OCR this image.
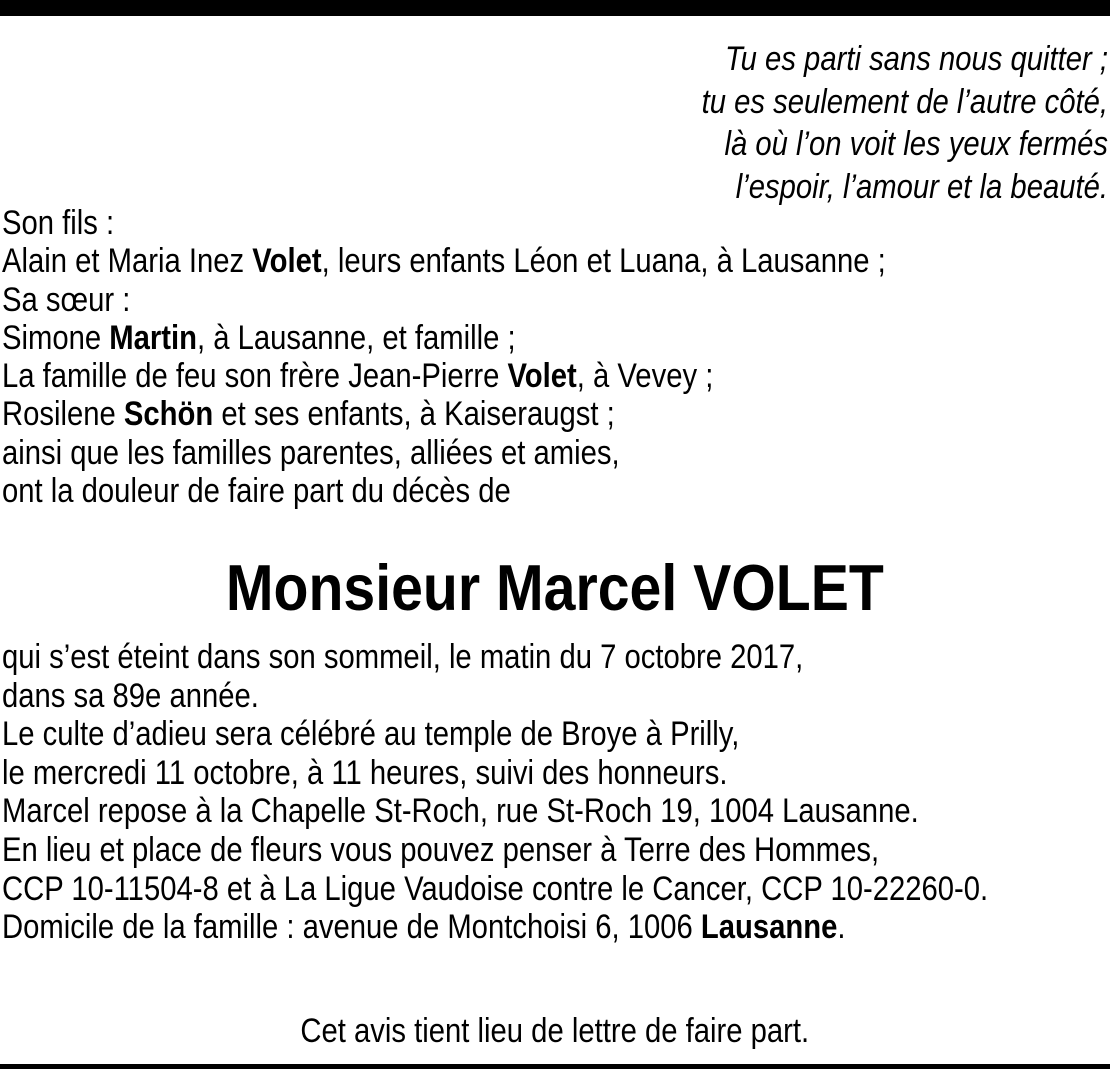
Tu es parti sans nous quitter ;
tu es seulement de l’autre côté,
là où l’on voit les yeux fermés
l’espoir, l’amour et la beauté.
Son fils :
Alain et Maria Inez Volet, leurs enfants Léon et Luana, à Lausanne ;
Sa sœur :
Simone Martin, à Lausanne, et famille ;
La famille de feu son frère Jean-Pierre Volet, à Vevey ;
Rosilene Schön et ses enfants, à Kaiseraugst ;
ainsi que les familles parentes, alliées et amies,
ont la douleur de faire part du décès de
Monsieur Marcel VOLET
qui s’est éteint dans son sommeil, le matin du 7 octobre 2017,
dans sa 89e année.
Le culte d’adieu sera célébré au temple de Broye à Prilly,
le mercredi 11 octobre, à 11 heures, suivi des honneurs.
Marcel repose à la Chapelle St-Roch, rue St-Roch 19, 1004 Lausanne.
En lieu et place de fleurs vous pouvez penser à Terre des Hommes,
CCP 10-11504-8 et à La Ligue Vaudoise contre le Cancer, CCP 10-22260-0.
Domicile de la famille : avenue de Montchoisi 6, 1006 Lausanne.
Cet avis tient lieu de lettre de faire part.
